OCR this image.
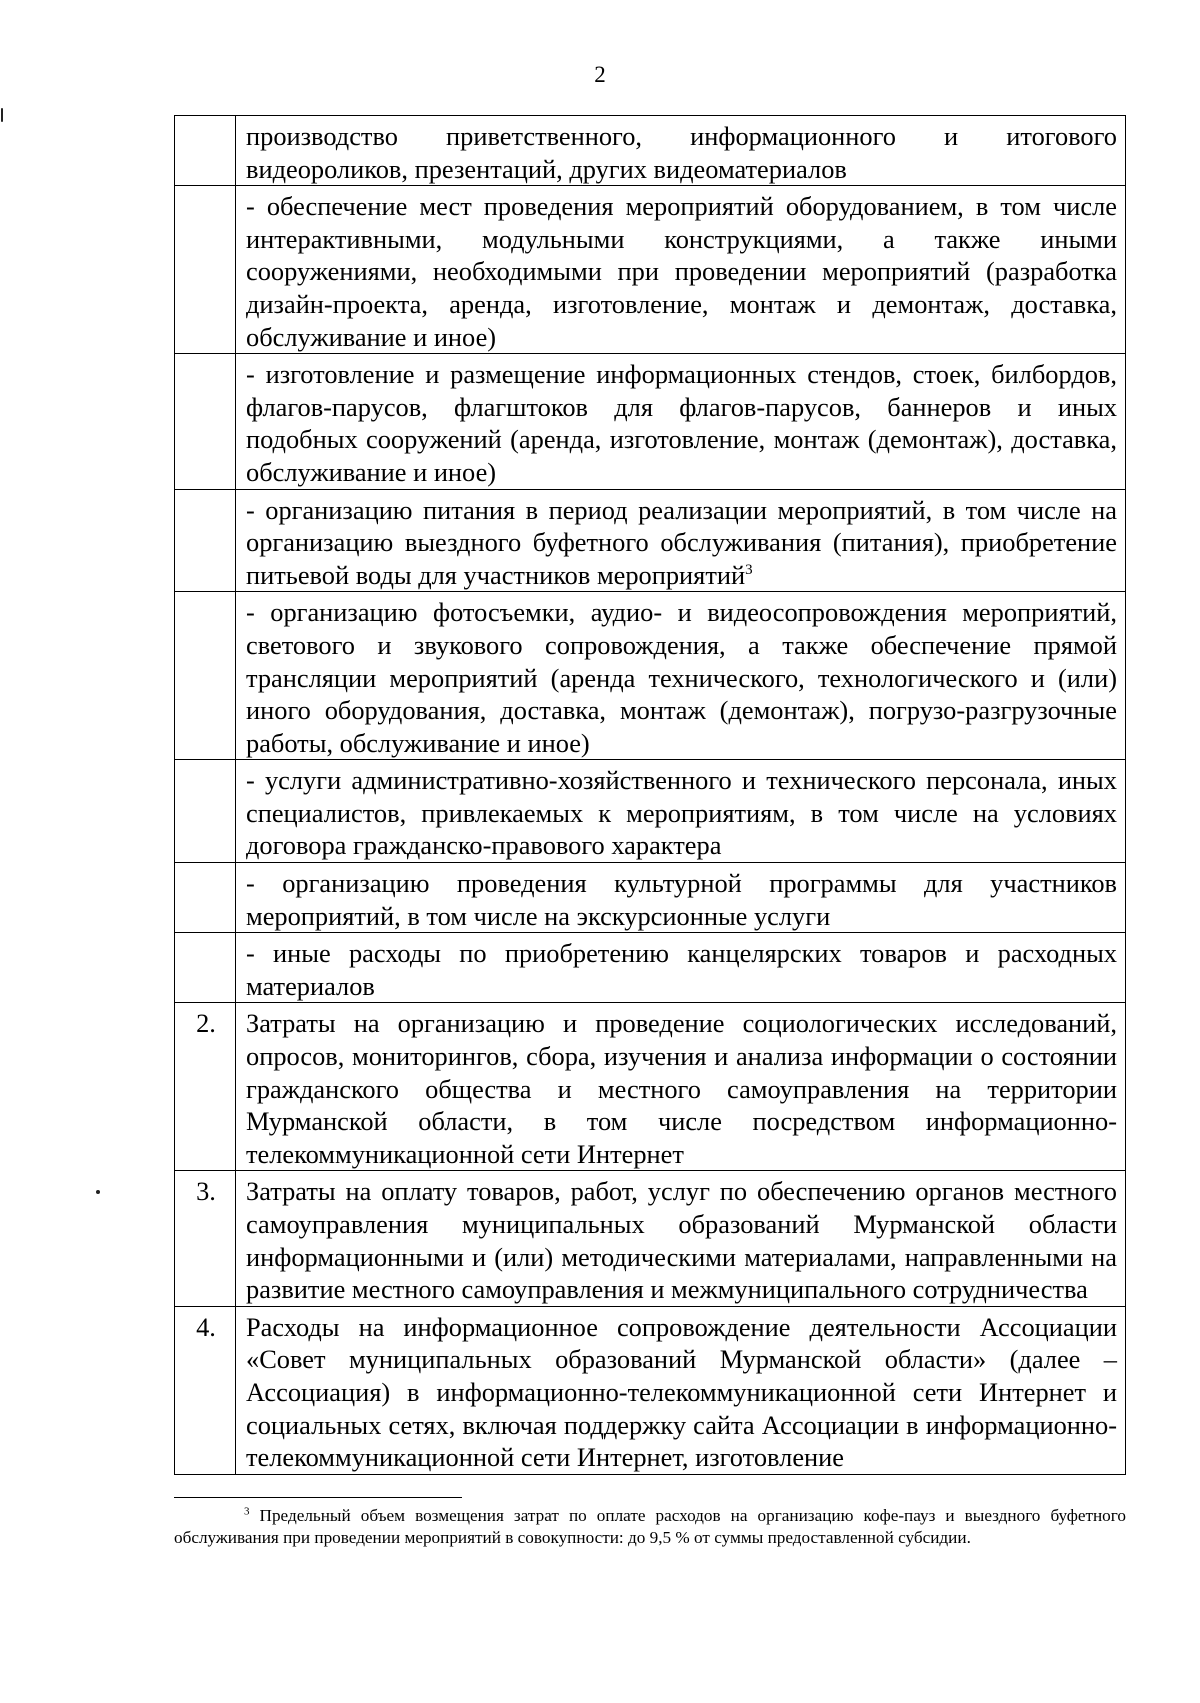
2
	производство приветственного, информационного и итогового видеороликов, презентаций, других видеоматериалов
	- обеспечение мест проведения мероприятий оборудованием, в том числе интерактивными, модульными конструкциями, а также иными сооружениями, необходимыми при проведении мероприятий (разработка дизайн-проекта, аренда, изготовление, монтаж и демонтаж, доставка, обслуживание и иное)
	- изготовление и размещение информационных стендов, стоек, билбордов, флагов-парусов, флагштоков для флагов-парусов, баннеров и иных подобных сооружений (аренда, изготовление, монтаж (демонтаж), доставка, обслуживание и иное)
	- организацию питания в период реализации мероприятий, в том числе на организацию выездного буфетного обслуживания (питания), приобретение питьевой воды для участников мероприятий$^3$
	- организацию фотосъемки, аудио- и видеосопровождения мероприятий, светового и звукового сопровождения, а также обеспечение прямой трансляции мероприятий (аренда технического, технологического и (или) иного оборудования, доставка, монтаж (демонтаж), погрузо-разгрузочные работы, обслуживание и иное)
	- услуги административно-хозяйственного и технического персонала, иных специалистов, привлекаемых к мероприятиям, в том числе на условиях договора гражданско-правового характера
	- организацию проведения культурной программы для участников мероприятий, в том числе на экскурсионные услуги
	- иные расходы по приобретению канцелярских товаров и расходных материалов
2.	Затраты на организацию и проведение социологических исследований, опросов, мониторингов, сбора, изучения и анализа информации о состоянии гражданского общества и местного самоуправления на территории Мурманской области, в том числе посредством информационно-телекоммуникационной сети Интернет
3.	Затраты на оплату товаров, работ, услуг по обеспечению органов местного самоуправления муниципальных образований Мурманской области информационными и (или) методическими материалами, направленными на развитие местного самоуправления и межмуниципального сотрудничества
4.	Расходы на информационное сопровождение деятельности Ассоциации «Совет муниципальных образований Мурманской области» (далее – Ассоциация) в информационно-телекоммуникационной сети Интернет и социальных сетях, включая поддержку сайта Ассоциации в информационно-телекоммуникационной сети Интернет, изготовление
$^3$ Предельный объем возмещения затрат по оплате расходов на организацию кофе-пауз и выездного буфетного обслуживания при проведении мероприятий в совокупности: до 9,5 % от суммы предоставленной субсидии.
